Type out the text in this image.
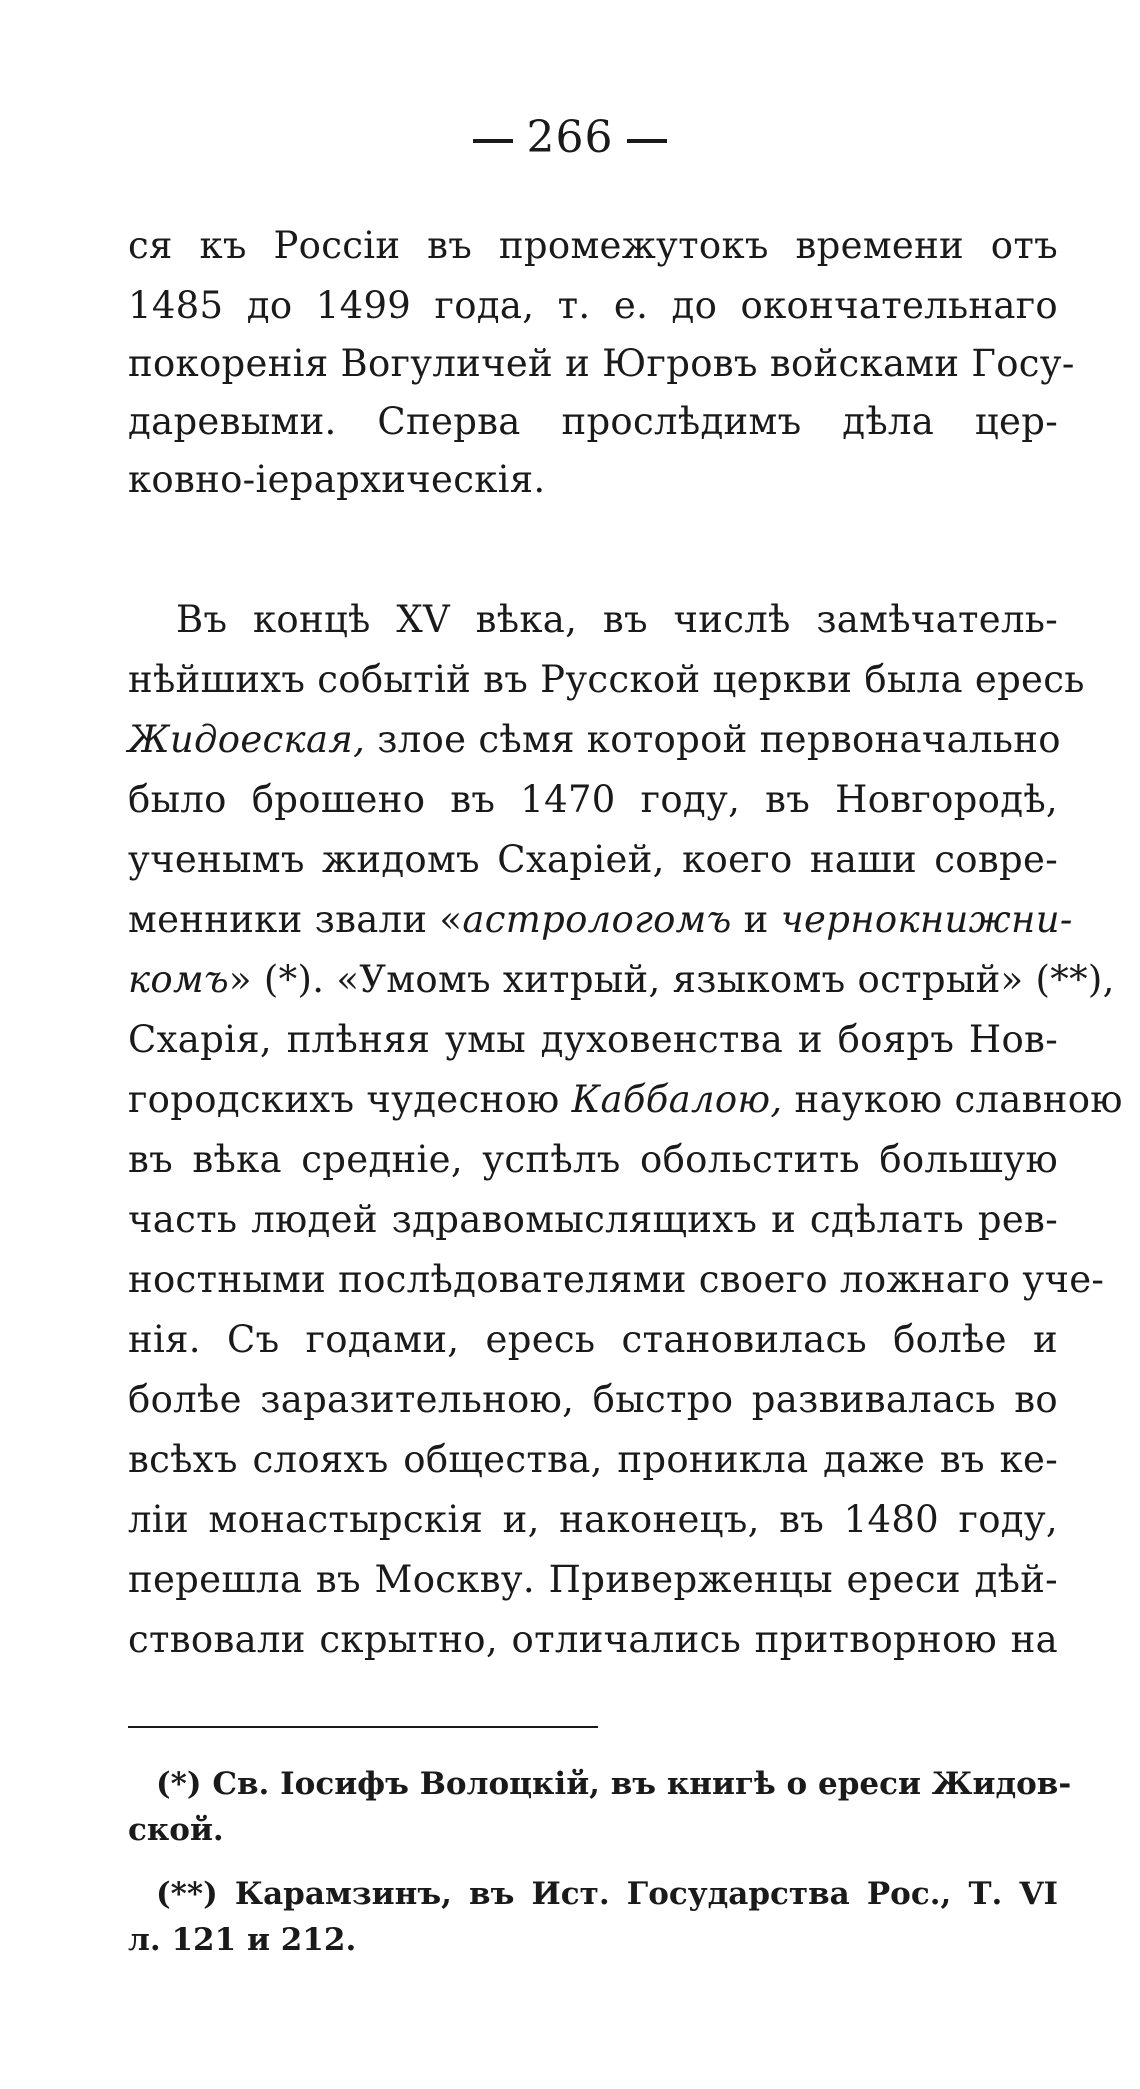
266
ся къ Россіи въ промежутокъ времени отъ
1485 до 1499 года, т. е. до окончательнаго
покоренія Вогуличей и Югровъ войсками Госу-
даревыми. Сперва прослѣдимъ дѣла цер-
ковно-іерархическія.
Въ концѣ XV вѣка, въ числѣ замѣчатель-
нѣйшихъ событій въ Русской церкви была ересь
Жидоеская, злое сѣмя которой первоначально
было брошено въ 1470 году, въ Новгородѣ,
ученымъ жидомъ Схаріей, коего наши совре-
менники звали «астрологомъ и чернокнижни-
комъ» (*). «Умомъ хитрый, языкомъ острый» (**),
Схарія, плѣняя умы духовенства и бояръ Нов-
городскихъ чудесною Каббалою, наукою славною
въ вѣка средніе, успѣлъ обольстить большую
часть людей здравомыслящихъ и сдѣлать рев-
ностными послѣдователями своего ложнаго уче-
нія. Съ годами, ересь становилась болѣе и
болѣе заразительною, быстро развивалась во
всѣхъ слояхъ общества, проникла даже въ ке-
ліи монастырскія и, наконецъ, въ 1480 году,
перешла въ Москву. Приверженцы ереси дѣй-
ствовали скрытно, отличались притворною на
(*) Св. Іосифъ Волоцкій, въ книгѣ о ереси Жидов-
ской.
(**) Карамзинъ, въ Ист. Государства Рос., Т. VI
л. 121 и 212.
